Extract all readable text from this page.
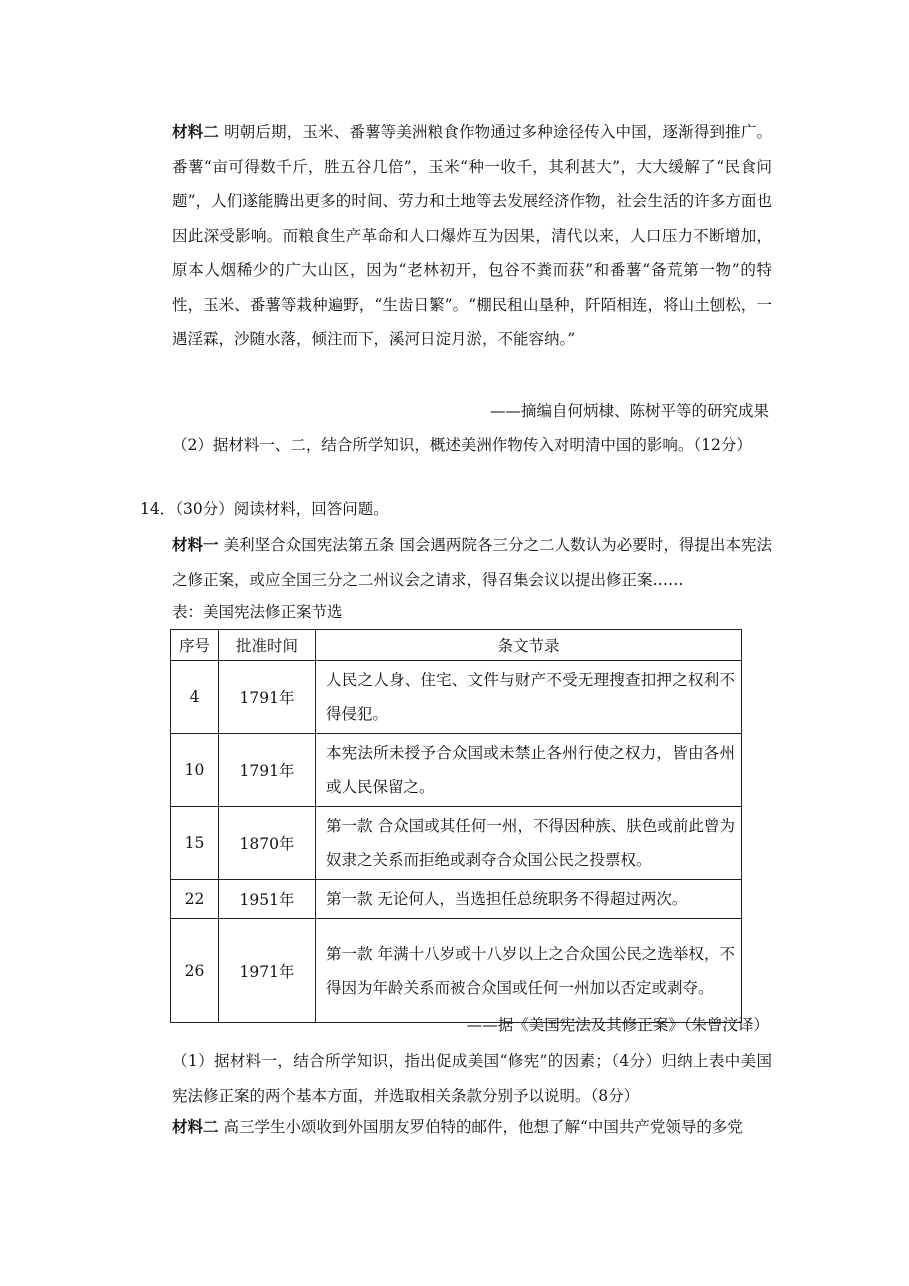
材料二 明朝后期，玉米、番薯等美洲粮食作物通过多种途径传入中国，逐渐得到推广。番薯“亩可得数千斤，胜五谷几倍”，玉米“种一收千，其利甚大”，大大缓解了“民食问题”，人们遂能腾出更多的时间、劳力和土地等去发展经济作物，社会生活的许多方面也因此深受影响。而粮食生产革命和人口爆炸互为因果，清代以来，人口压力不断增加，原本人烟稀少的广大山区，因为“老林初开，包谷不粪而获”和番薯“备荒第一物”的特性，玉米、番薯等栽种遍野，“生齿日繁”。“棚民租山垦种，阡陌相连，将山土刨松，一遇淫霖，沙随水落，倾注而下，溪河日淀月淤，不能容纳。”

——摘编自何炳棣、陈树平等的研究成果

（2）据材料一、二，结合所学知识，概述美洲作物传入对明清中国的影响。（12分）

14．（30分）阅读材料，回答问题。

材料一 美利坚合众国宪法第五条 国会遇两院各三分之二人数认为必要时，得提出本宪法之修正案，或应全国三分之二州议会之请求，得召集会议以提出修正案……

表：美国宪法修正案节选

序号	批准时间	条文节录
4	1791年	人民之人身、住宅、文件与财产不受无理搜查扣押之权利不得侵犯。
10	1791年	本宪法所未授予合众国或未禁止各州行使之权力，皆由各州或人民保留之。
15	1870年	第一款 合众国或其任何一州，不得因种族、肤色或前此曾为奴隶之关系而拒绝或剥夺合众国公民之投票权。
22	1951年	第一款 无论何人，当选担任总统职务不得超过两次。
26	1971年	第一款 年满十八岁或十八岁以上之合众国公民之选举权，不得因为年龄关系而被合众国或任何一州加以否定或剥夺。

——据《美国宪法及其修正案》（朱曾汶译）

（1）据材料一，结合所学知识，指出促成美国“修宪”的因素；（4分）归纳上表中美国宪法修正案的两个基本方面，并选取相关条款分别予以说明。（8分）

材料二 高三学生小颂收到外国朋友罗伯特的邮件，他想了解“中国共产党领导的多党
